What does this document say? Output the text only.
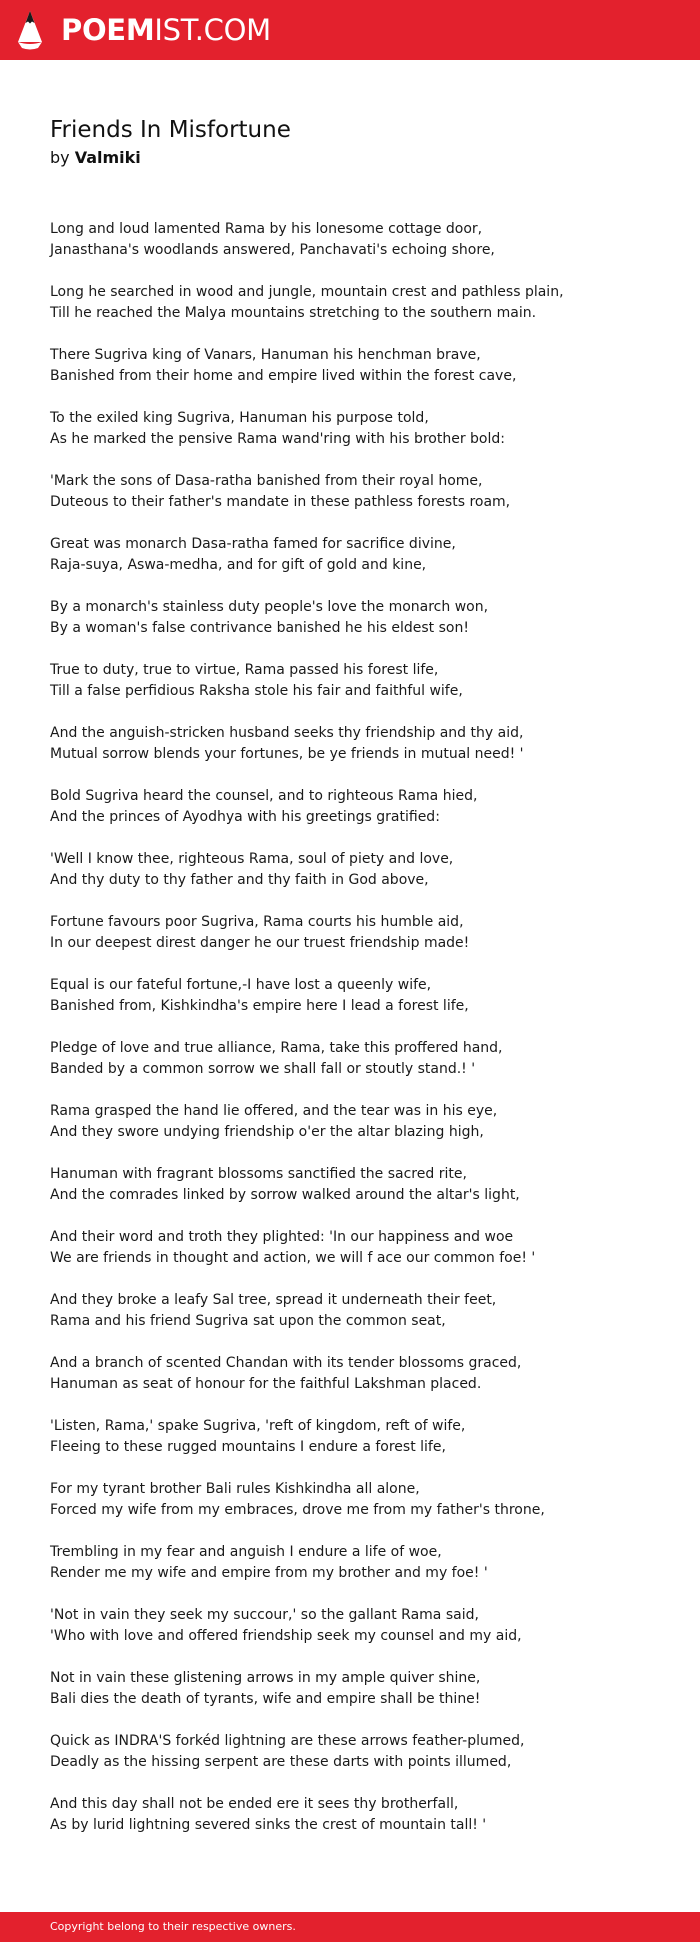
POEMIST.COM
Friends In Misfortune
by Valmiki

Long and loud lamented Rama by his lonesome cottage door,
Janasthana's woodlands answered, Panchavati's echoing shore,

Long he searched in wood and jungle, mountain crest and pathless plain,
Till he reached the Malya mountains stretching to the southern main.

There Sugriva king of Vanars, Hanuman his henchman brave,
Banished from their home and empire lived within the forest cave,

To the exiled king Sugriva, Hanuman his purpose told,
As he marked the pensive Rama wand'ring with his brother bold:

'Mark the sons of Dasa-ratha banished from their royal home,
Duteous to their father's mandate in these pathless forests roam,

Great was monarch Dasa-ratha famed for sacrifice divine,
Raja-suya, Aswa-medha, and for gift of gold and kine,

By a monarch's stainless duty people's love the monarch won,
By a woman's false contrivance banished he his eldest son!

True to duty, true to virtue, Rama passed his forest life,
Till a false perfidious Raksha stole his fair and faithful wife,

And the anguish-stricken husband seeks thy friendship and thy aid,
Mutual sorrow blends your fortunes, be ye friends in mutual need! '

Bold Sugriva heard the counsel, and to righteous Rama hied,
And the princes of Ayodhya with his greetings gratified:

'Well I know thee, righteous Rama, soul of piety and love,
And thy duty to thy father and thy faith in God above,

Fortune favours poor Sugriva, Rama courts his humble aid,
In our deepest direst danger he our truest friendship made!

Equal is our fateful fortune,-I have lost a queenly wife,
Banished from, Kishkindha's empire here I lead a forest life,

Pledge of love and true alliance, Rama, take this proffered hand,
Banded by a common sorrow we shall fall or stoutly stand.! '

Rama grasped the hand lie offered, and the tear was in his eye,
And they swore undying friendship o'er the altar blazing high,

Hanuman with fragrant blossoms sanctified the sacred rite,
And the comrades linked by sorrow walked around the altar's light,

And their word and troth they plighted: 'In our happiness and woe
We are friends in thought and action, we will f ace our common foe! '

And they broke a leafy Sal tree, spread it underneath their feet,
Rama and his friend Sugriva sat upon the common seat,

And a branch of scented Chandan with its tender blossoms graced,
Hanuman as seat of honour for the faithful Lakshman placed.

'Listen, Rama,' spake Sugriva, 'reft of kingdom, reft of wife,
Fleeing to these rugged mountains I endure a forest life,

For my tyrant brother Bali rules Kishkindha all alone,
Forced my wife from my embraces, drove me from my father's throne,

Trembling in my fear and anguish I endure a life of woe,
Render me my wife and empire from my brother and my foe! '

'Not in vain they seek my succour,' so the gallant Rama said,
'Who with love and offered friendship seek my counsel and my aid,

Not in vain these glistening arrows in my ample quiver shine,
Bali dies the death of tyrants, wife and empire shall be thine!

Quick as INDRA'S forkéd lightning are these arrows feather-plumed,
Deadly as the hissing serpent are these darts with points illumed,

And this day shall not be ended ere it sees thy brotherfall,
As by lurid lightning severed sinks the crest of mountain tall! '

Copyright belong to their respective owners.
